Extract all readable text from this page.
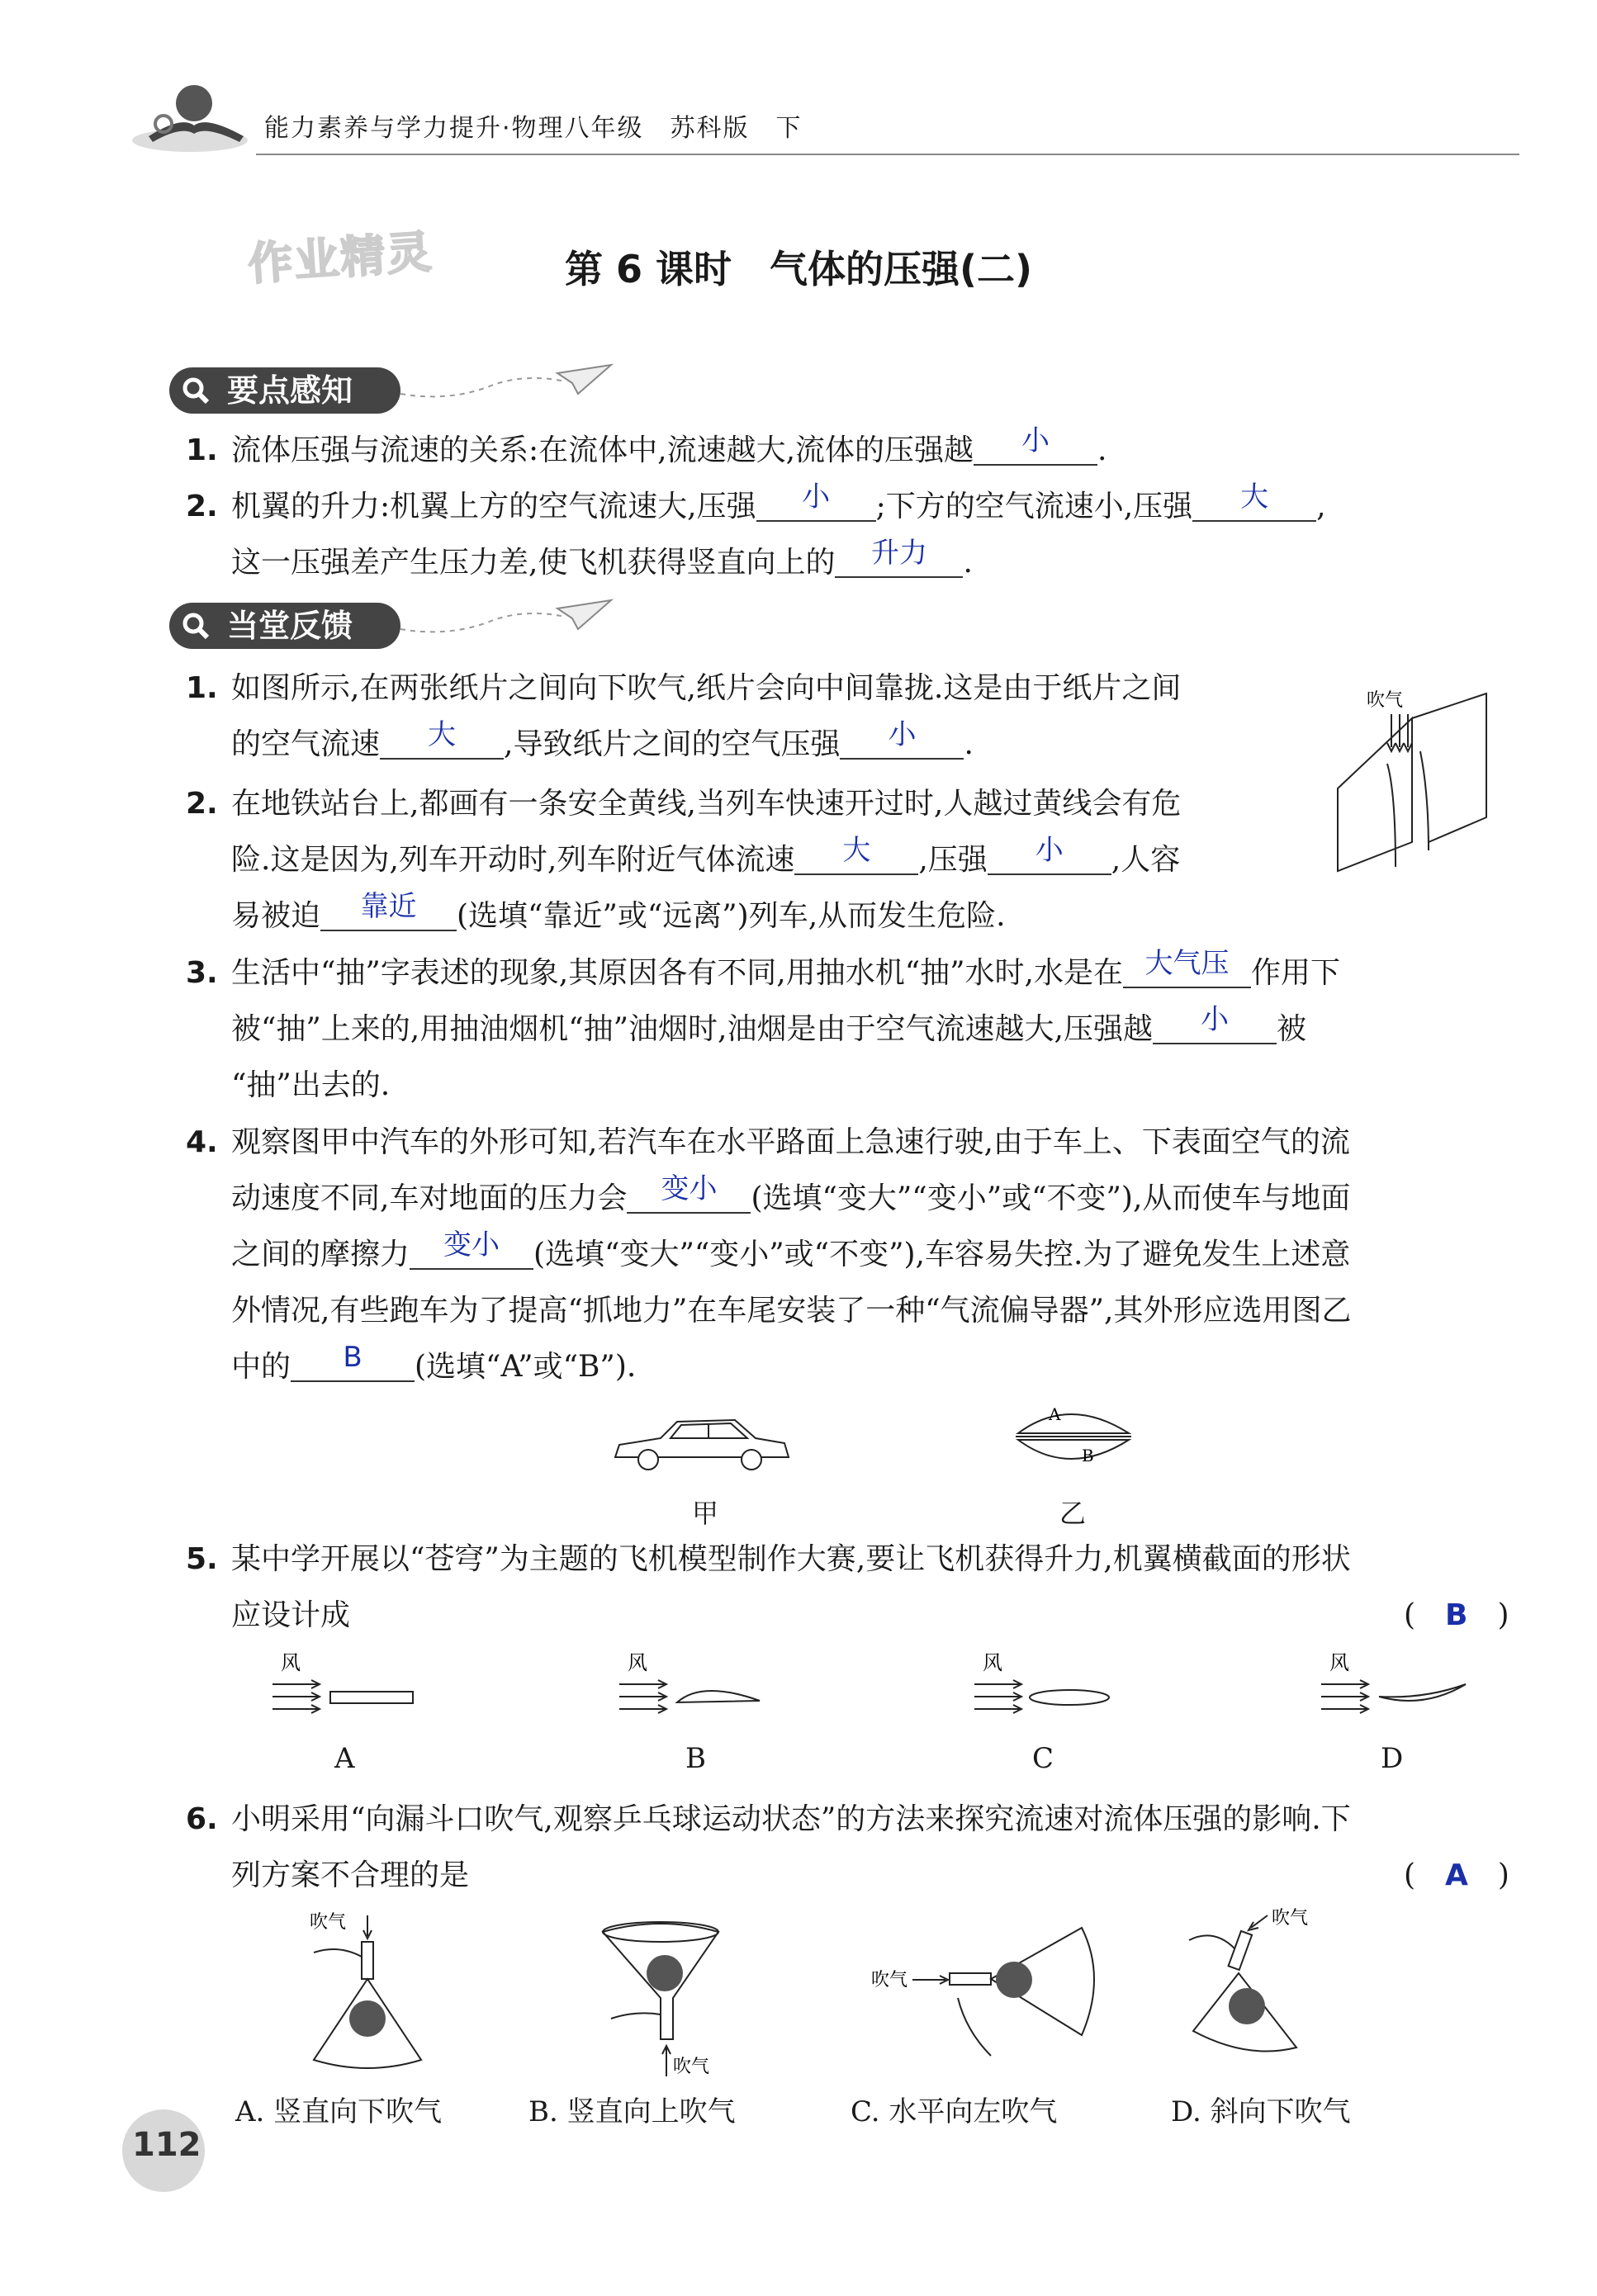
能力素养与学力提升·物理八年级　苏科版　下
作业精灵	第 6 课时　气体的压强(二)
要点感知
1. 流体压强与流速的关系:在流体中,流速越大,流体的压强越 小 .
2. 机翼的升力:机翼上方的空气流速大,压强 小 ;下方的空气流速小,压强 大 ,
这一压强差产生压力差,使飞机获得竖直向上的 升力 .
当堂反馈
1. 如图所示,在两张纸片之间向下吹气,纸片会向中间靠拢.这是由于纸片之间
的空气流速 大 ,导致纸片之间的空气压强 小 .
吹气
2. 在地铁站台上,都画有一条安全黄线,当列车快速开过时,人越过黄线会有危
险.这是因为,列车开动时,列车附近气体流速 大 ,压强 小 ,人容
易被迫 靠近 (选填“靠近”或“远离”)列车,从而发生危险.
3. 生活中“抽”字表述的现象,其原因各有不同,用抽水机“抽”水时,水是在 大气压 作用下
被“抽”上来的,用抽油烟机“抽”油烟时,油烟是由于空气流速越大,压强越 小 被
“抽”出去的.
4. 观察图甲中汽车的外形可知,若汽车在水平路面上急速行驶,由于车上、下表面空气的流
动速度不同,车对地面的压力会 变小 (选填“变大”“变小”或“不变”),从而使车与地面
之间的摩擦力 变小 (选填“变大”“变小”或“不变”),车容易失控.为了避免发生上述意
外情况,有些跑车为了提高“抓地力”在车尾安装了一种“气流偏导器”,其外形应选用图乙
中的 B (选填“A”或“B”).
甲
A
B
乙
5. 某中学开展以“苍穹”为主题的飞机模型制作大赛,要让飞机获得升力,机翼横截面的形状
应设计成	(　B　)
风	风	风	风
A	B	C	D
6. 小明采用“向漏斗口吹气,观察乒乓球运动状态”的方法来探究流速对流体压强的影响.下
列方案不合理的是	(　A　)
吹气
吹气
吹气
吹气
A. 竖直向下吹气	B. 竖直向上吹气	C. 水平向左吹气	D. 斜向下吹气
112
